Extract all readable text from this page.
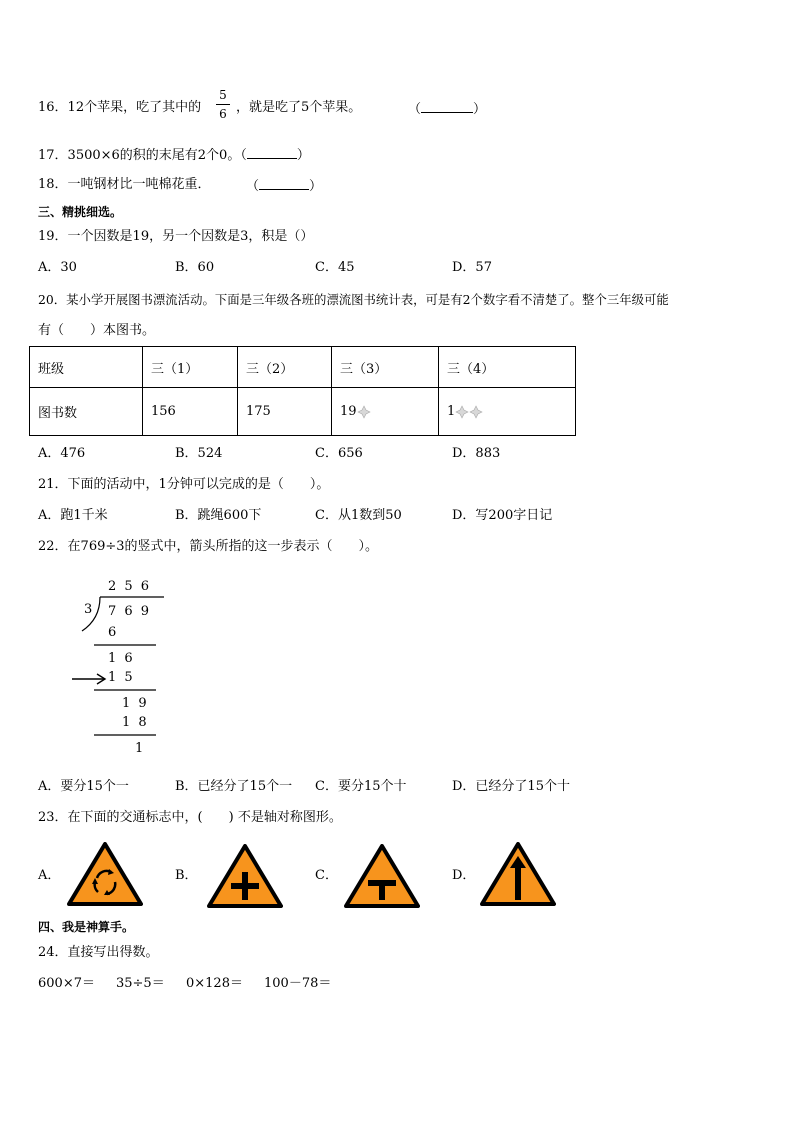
16．12个苹果，吃了其中的
5
6 ，就是吃了5个苹果。	（	）
17．3500×6的积的末尾有2个0。（	）
18．一吨钢材比一吨棉花重．	（	）
三、精挑细选。
19．一个因数是19，另一个因数是3，积是（）
A．30	B．60	C．45	D．57
20．某小学开展图书漂流活动。下面是三年级各班的漂流图书统计表，可是有2个数字看不清楚了。整个三年级可能
有（　　）本图书。
班级	三（1）	三（2）	三（3）	三（4）
图书数	156	175	19	1
A．476	B．524	C．656	D．883
21．下面的活动中，1分钟可以完成的是（　　）。
A．跑1千米	B．跳绳600下	C．从1数到50	D．写200字日记
22．在769÷3的竖式中，箭头所指的这一步表示（　　）。
2 5 6
3 7 6 9
6
1 6
1 5
1 9
1 8
1
A．要分15个一	B．已经分了15个一 C．要分15个十	D．已经分了15个十
23．在下面的交通标志中，(　　) 不是轴对称图形。
A．	B．	C．	D．
四、我是神算手。
24．直接写出得数。
600×7＝ 35÷5＝ 0×128＝ 100－78＝
